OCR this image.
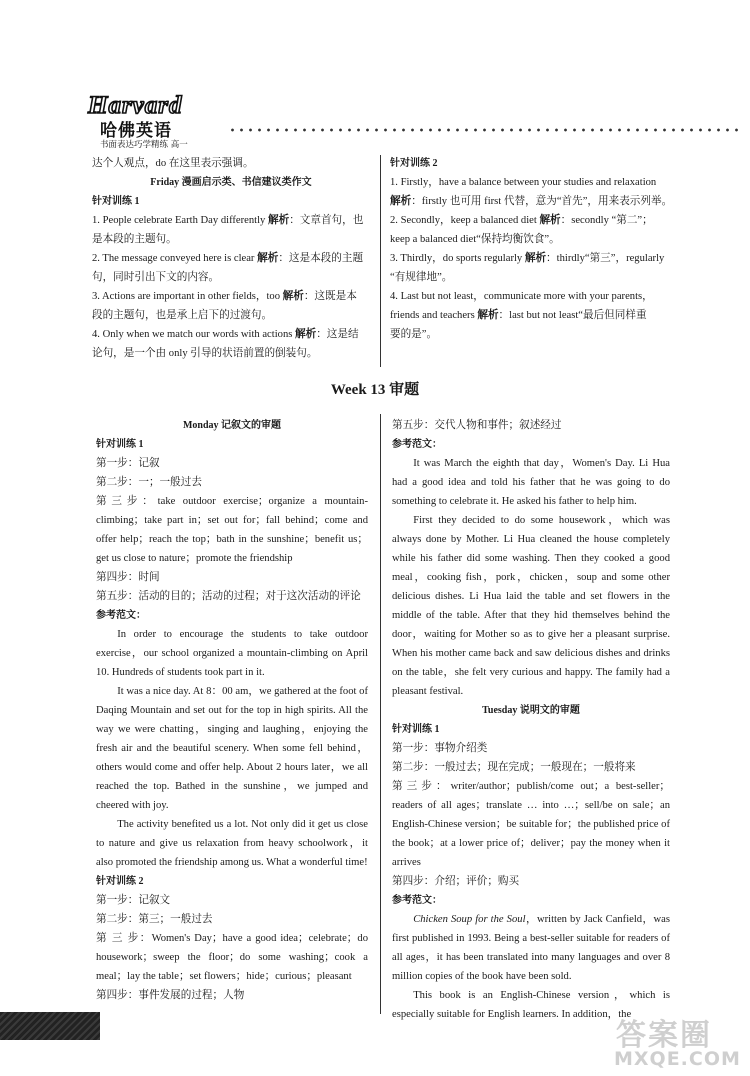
Harvard
哈佛英语
书面表达巧学精练 高一
达个人观点，do 在这里表示强调。
Friday 漫画启示类、书信建议类作文
针对训练 1
1. People celebrate Earth Day differently 解析：文章首句，也
是本段的主题句。
2. The message conveyed here is clear 解析：这是本段的主题
句，同时引出下文的内容。
3. Actions are important in other fields，too 解析：这既是本
段的主题句，也是承上启下的过渡句。
4. Only when we match our words with actions 解析：这是结
论句，是一个由 only 引导的状语前置的倒装句。
针对训练 2
1. Firstly，have a balance between your studies and relaxation
解析：firstly 也可用 first 代替，意为“首先”，用来表示列举。
2. Secondly，keep a balanced diet 解析：secondly “第二”；
keep a balanced diet“保持均衡饮食”。
3. Thirdly，do sports regularly 解析：thirdly“第三”，regularly
“有规律地”。
4. Last but not least，communicate more with your parents，
friends and teachers 解析：last but not least“最后但同样重
要的是”。
Week 13 审题
Monday 记叙文的审题
针对训练 1
第一步：记叙
第二步：一；一般过去
第三步：take outdoor exercise；organize a mountain-climbing；take part in；set out for；fall behind；come and offer help；reach the top；bath in the sunshine；benefit us；get us close to nature；promote the friendship
第四步：时间
第五步：活动的目的；活动的过程；对于这次活动的评论
参考范文：
In order to encourage the students to take outdoor exercise，our school organized a mountain-climbing on April 10. Hundreds of students took part in it.
It was a nice day. At 8：00 am，we gathered at the foot of Daqing Mountain and set out for the top in high spirits. All the way we were chatting，singing and laughing，enjoying the fresh air and the beautiful scenery. When some fell behind，others would come and offer help. About 2 hours later，we all reached the top. Bathed in the sunshine，we jumped and cheered with joy.
The activity benefited us a lot. Not only did it get us close to nature and give us relaxation from heavy schoolwork，it also promoted the friendship among us. What a wonderful time!
针对训练 2
第一步：记叙文
第二步：第三；一般过去
第 三 步：Women's Day；have a good idea；celebrate；do housework；sweep the floor；do some washing；cook a meal；lay the table；set flowers；hide；curious；pleasant
第四步：事件发展的过程；人物
第五步：交代人物和事件；叙述经过
参考范文：
It was March the eighth that day，Women's Day. Li Hua had a good idea and told his father that he was going to do something to celebrate it. He asked his father to help him.
First they decided to do some housework，which was always done by Mother. Li Hua cleaned the house completely while his father did some washing. Then they cooked a good meal，cooking fish，pork，chicken，soup and some other delicious dishes. Li Hua laid the table and set flowers in the middle of the table. After that they hid themselves behind the door，waiting for Mother so as to give her a pleasant surprise. When his mother came back and saw delicious dishes and drinks on the table，she felt very curious and happy. The family had a pleasant festival.
Tuesday 说明文的审题
针对训练 1
第一步：事物介绍类
第二步：一般过去；现在完成；一般现在；一般将来
第三步：writer/author；publish/come out；a best-seller；readers of all ages；translate … into …；sell/be on sale；an English-Chinese version；be suitable for；the published price of the book；at a lower price of；deliver；pay the money when it arrives
第四步：介绍；评价；购买
参考范文：
Chicken Soup for the Soul，written by Jack Canfield，was first published in 1993. Being a best-seller suitable for readers of all ages，it has been translated into many languages and over 8 million copies of the book have been sold.
This book is an English-Chinese version，which is especially suitable for English learners. In addition，the
答案圈
MXQE.COM
